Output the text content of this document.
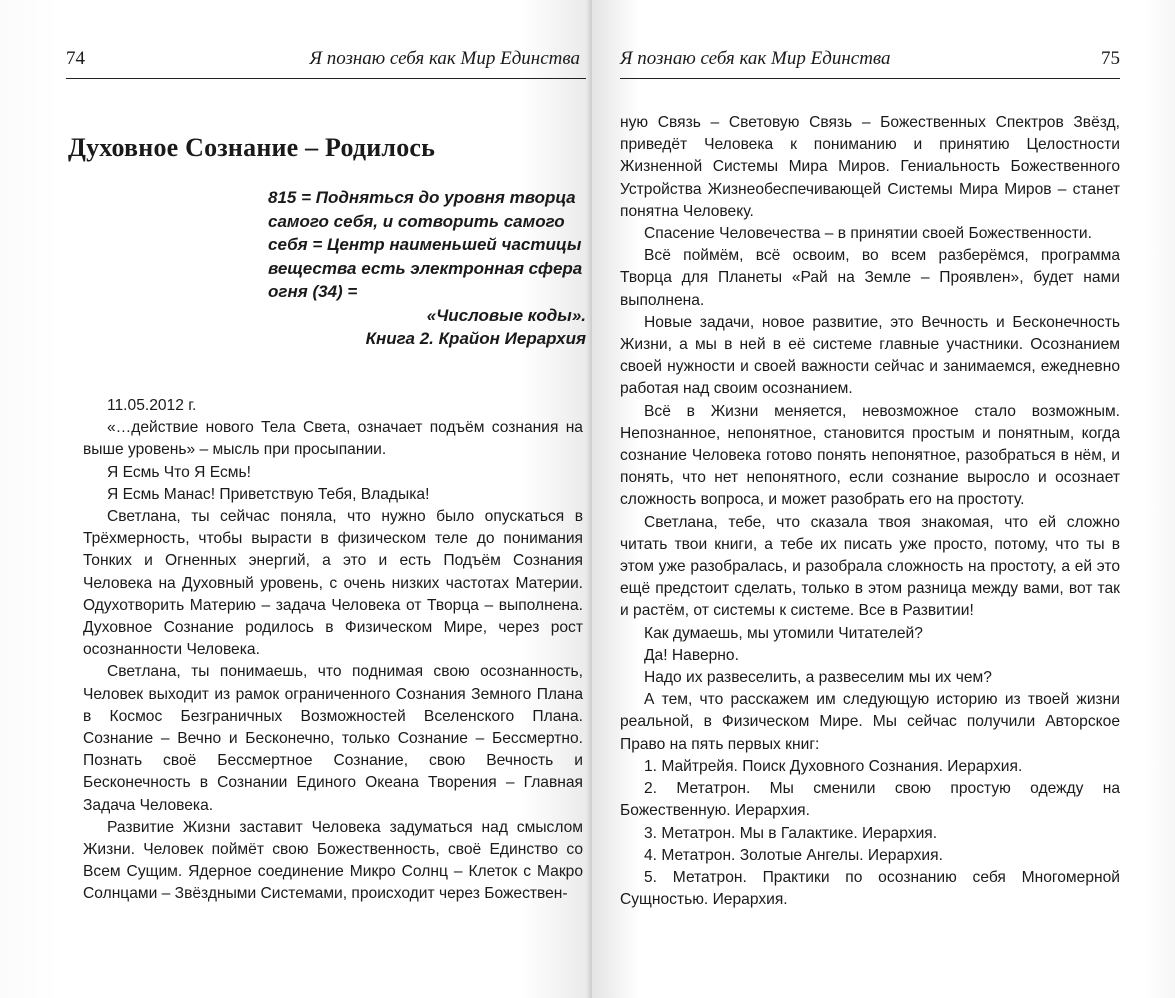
74	Я познаю себя как Мир Единства
Духовное Сознание – Родилось
815 = Подняться до уровня творца самого себя, и сотворить самого себя = Центр наименьшей частицы вещества есть электронная сфера огня (34) =
«Числовые коды».
Книга 2. Крайон Иерархия

11.05.2012 г.

«…действие нового Тела Света, означает подъём сознания на выше уровень» – мысль при просыпании.

Я Есмь Что Я Есмь!

Я Есмь Манас! Приветствую Тебя, Владыка!

Светлана, ты сейчас поняла, что нужно было опускаться в Трёхмерность, чтобы вырасти в физическом теле до понимания Тонких и Огненных энергий, а это и есть Подъём Сознания Человека на Духовный уровень, с очень низких частотах Материи. Одухотворить Материю – задача Человека от Творца – выполнена. Духовное Сознание родилось в Физическом Мире, через рост осознанности Человека.

Светлана, ты понимаешь, что поднимая свою осознанность, Человек выходит из рамок ограниченного Сознания Земного Плана в Космос Безграничных Возможностей Вселенского Плана. Сознание – Вечно и Бесконечно, только Сознание – Бессмертно. Познать своё Бессмертное Сознание, свою Вечность и Бесконечность в Сознании Единого Океана Творения – Главная Задача Человека.

Развитие Жизни заставит Человека задуматься над смыслом Жизни. Человек поймёт свою Божественность, своё Единство со Всем Сущим. Ядерное соединение Микро Солнц – Клеток с Макро Солнцами – Звёздными Системами, происходит через Божествен-

Я познаю себя как Мир Единства	75

ную Связь – Световую Связь – Божественных Спектров Звёзд, приведёт Человека к пониманию и принятию Целостности Жизненной Системы Мира Миров. Гениальность Божественного Устройства Жизнеобеспечивающей Системы Мира Миров – станет понятна Человеку.

Спасение Человечества – в принятии своей Божественности.

Всё поймём, всё освоим, во всем разберёмся, программа Творца для Планеты «Рай на Земле – Проявлен», будет нами выполнена.

Новые задачи, новое развитие, это Вечность и Бесконечность Жизни, а мы в ней в её системе главные участники. Осознанием своей нужности и своей важности сейчас и занимаемся, ежедневно работая над своим осознанием.

Всё в Жизни меняется, невозможное стало возможным. Непознанное, непонятное, становится простым и понятным, когда сознание Человека готово понять непонятное, разобраться в нём, и понять, что нет непонятного, если сознание выросло и осознает сложность вопроса, и может разобрать его на простоту.

Светлана, тебе, что сказала твоя знакомая, что ей сложно читать твои книги, а тебе их писать уже просто, потому, что ты в этом уже разобралась, и разобрала сложность на простоту, а ей это ещё предстоит сделать, только в этом разница между вами, вот так и растём, от системы к системе. Все в Развитии!

Как думаешь, мы утомили Читателей?

Да! Наверно.

Надо их развеселить, а развеселим мы их чем?

А тем, что расскажем им следующую историю из твоей жизни реальной, в Физическом Мире. Мы сейчас получили Авторское Право на пять первых книг:

1. Майтрейя. Поиск Духовного Сознания. Иерархия.

2. Метатрон. Мы сменили свою простую одежду на Божественную. Иерархия.

3. Метатрон. Мы в Галактике. Иерархия.

4. Метатрон. Золотые Ангелы. Иерархия.

5. Метатрон. Практики по осознанию себя Многомерной Сущностью. Иерархия.
